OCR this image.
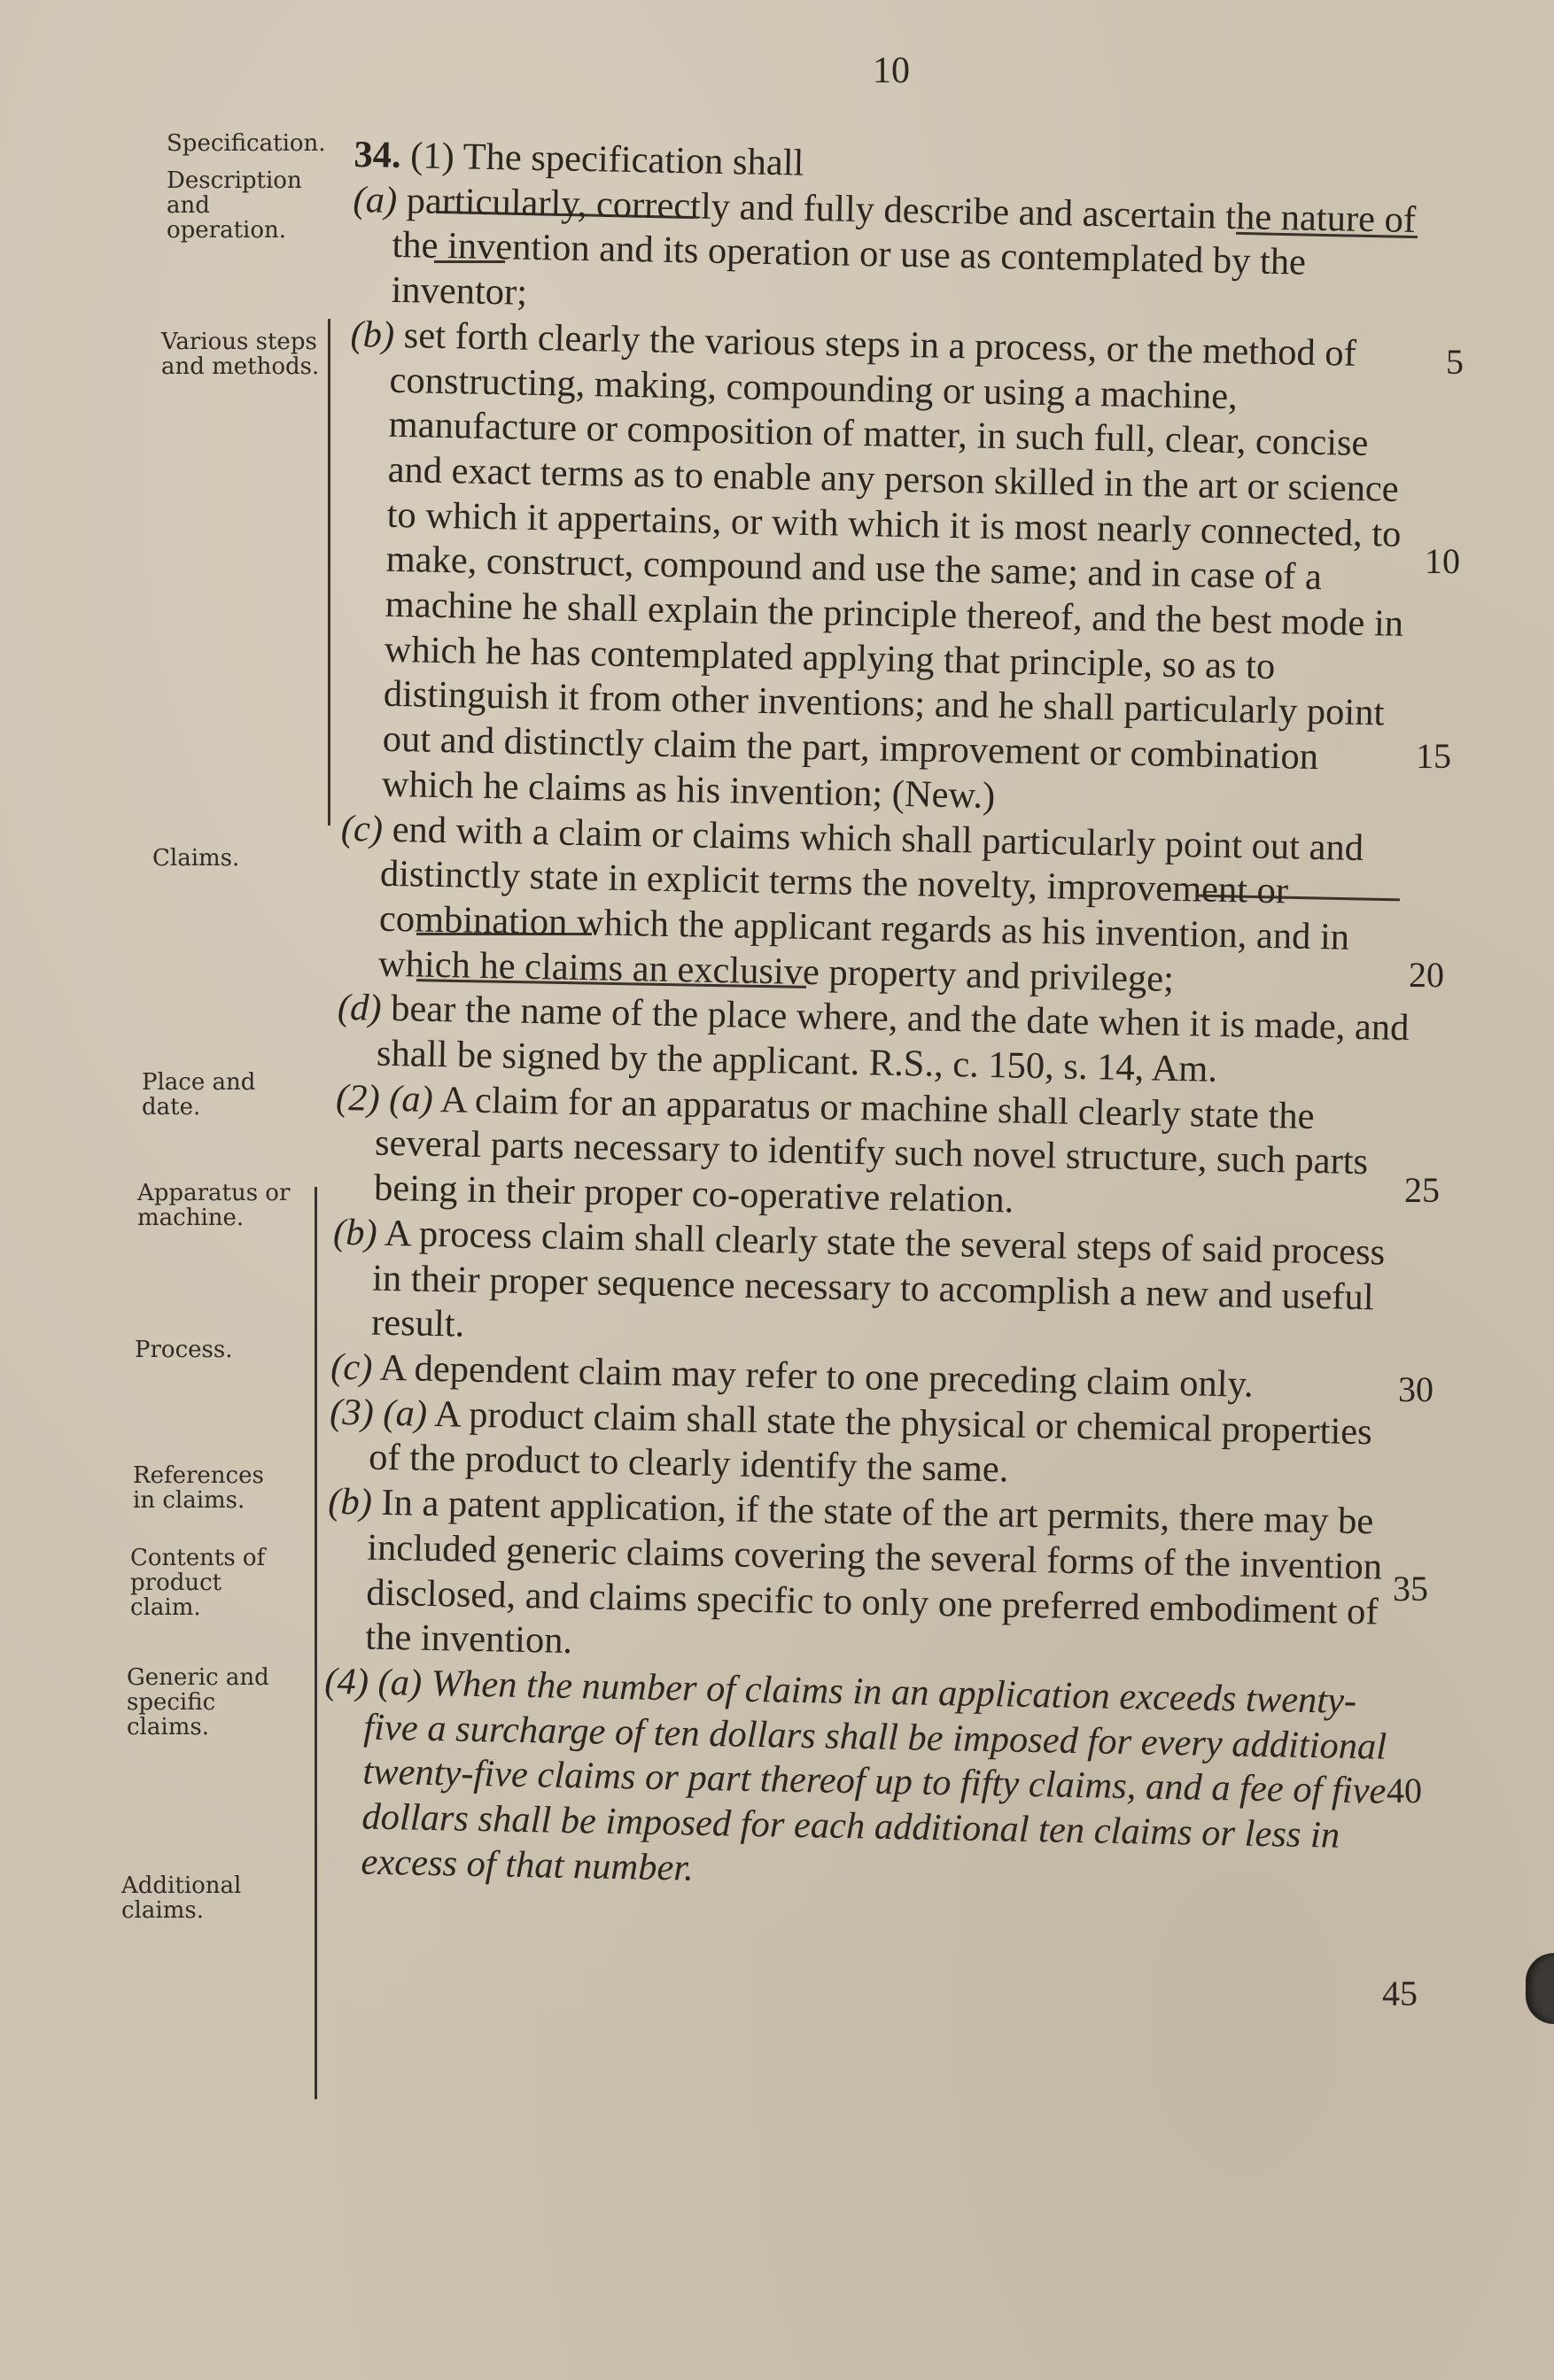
10
Specification.
Description and operation.
Various steps and methods.
Claims.
Place and date.
Apparatus or machine.
Process.
References in claims.
Contents of product claim.
Generic and specific claims.
Additional claims.

34. (1) The specification shall

(a) particularly, correctly and fully describe and ascertain the nature of the invention and its operation or use as contemplated by the inventor;

(b) set forth clearly the various steps in a process, or the method of constructing, making, compounding or using a machine, manufacture or composition of matter, in such full, clear, concise and exact terms as to enable any person skilled in the art or science to which it appertains, or with which it is most nearly connected, to make, construct, compound and use the same; and in case of a machine he shall explain the principle thereof, and the best mode in which he has contemplated applying that principle, so as to distinguish it from other inventions; and he shall particularly point out and distinctly claim the part, improvement or combination which he claims as his invention; (New.)

(c) end with a claim or claims which shall particularly point out and distinctly state in explicit terms the novelty, improvement or combination which the applicant regards as his invention, and in which he claims an exclusive property and privilege;

(d) bear the name of the place where, and the date when it is made, and shall be signed by the applicant. R.S., c. 150, s. 14, Am.

(2) (a) A claim for an apparatus or machine shall clearly state the several parts necessary to identify such novel structure, such parts being in their proper co-operative relation.

(b) A process claim shall clearly state the several steps of said process in their proper sequence necessary to accomplish a new and useful result.

(c) A dependent claim may refer to one preceding claim only.

(3) (a) A product claim shall state the physical or chemical properties of the product to clearly identify the same.

(b) In a patent application, if the state of the art permits, there may be included generic claims covering the several forms of the invention disclosed, and claims specific to only one preferred embodiment of the invention.

(4) (a) When the number of claims in an application exceeds twenty-five a surcharge of ten dollars shall be imposed for every additional twenty-five claims or part thereof up to fifty claims, and a fee of five dollars shall be imposed for each additional ten claims or less in excess of that number.

5
10
15
20
25
30
35
40
45
